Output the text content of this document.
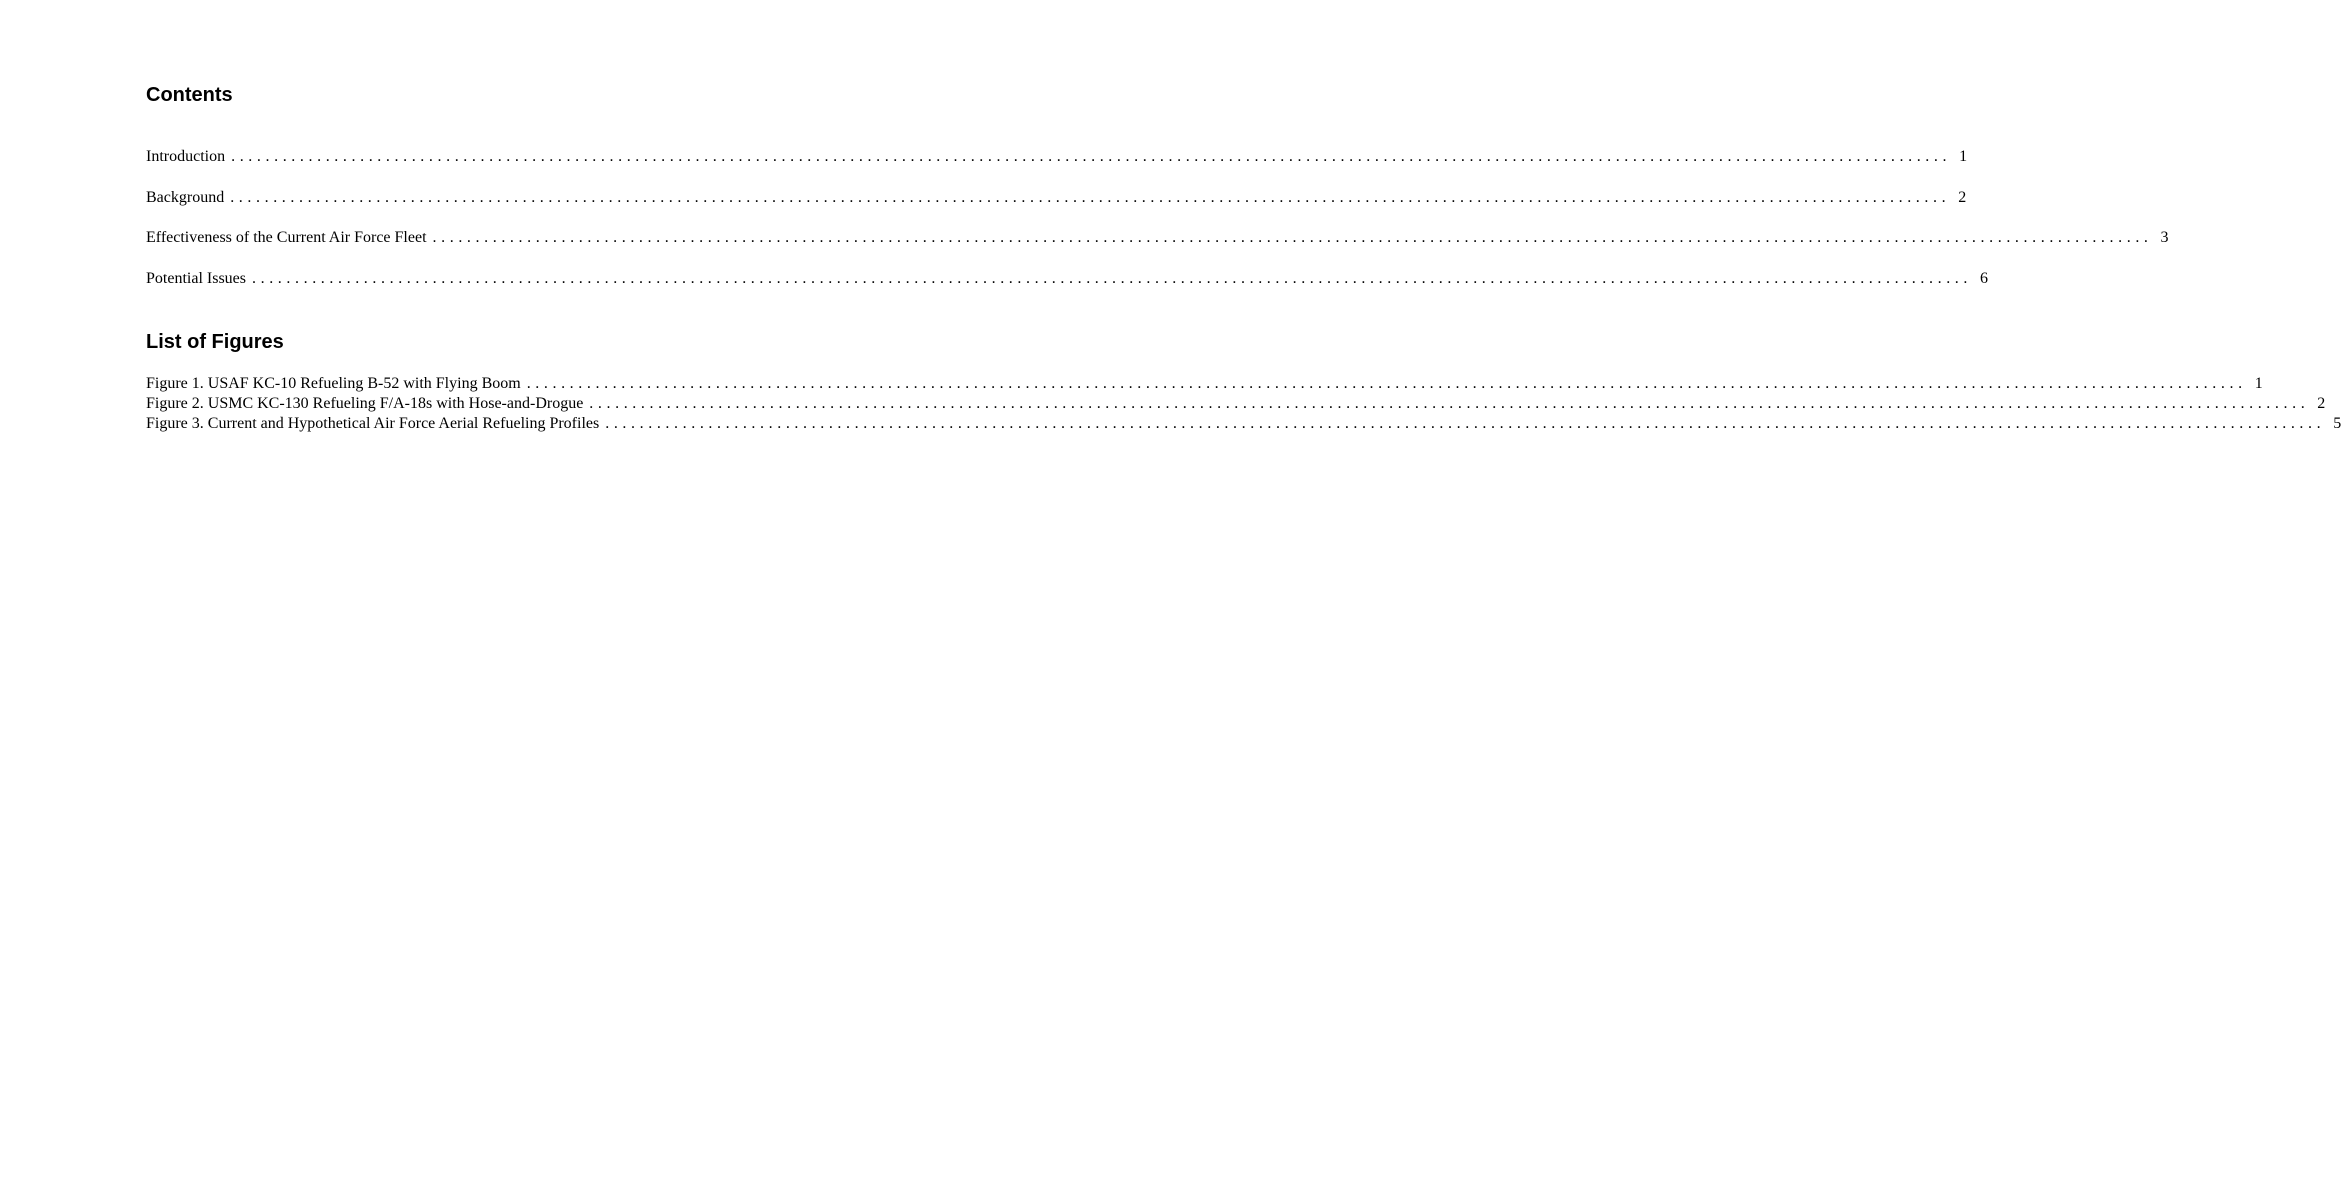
Contents
Introduction ........................................................................................................................................................................................................ 1
Background ........................................................................................................................................................................................................ 2
Effectiveness of the Current Air Force Fleet ........................................................................................................................................................................................................ 3
Potential Issues ........................................................................................................................................................................................................ 6
List of Figures
Figure 1. USAF KC-10 Refueling B-52 with Flying Boom ........................................................................................................................................................................................................ 1
Figure 2. USMC KC-130 Refueling F/A-18s with Hose-and-Drogue ........................................................................................................................................................................................................ 2
Figure 3. Current and Hypothetical Air Force Aerial Refueling Profiles ........................................................................................................................................................................................................ 5
